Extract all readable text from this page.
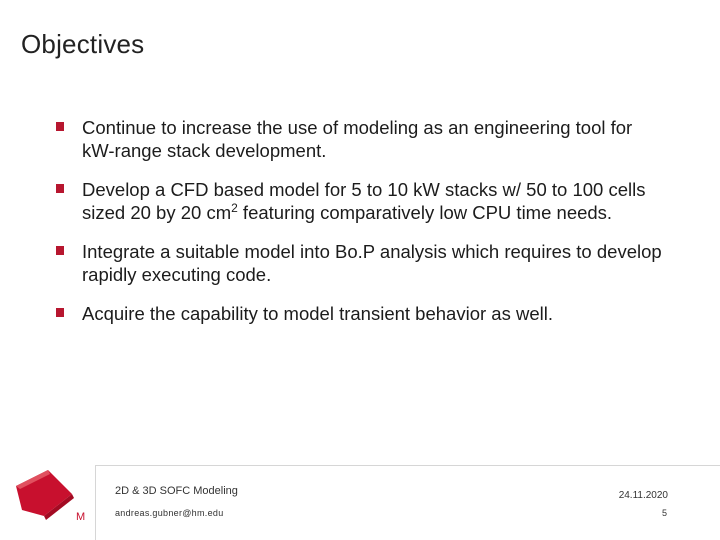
Objectives
Continue to increase the use of modeling as an engineering tool for kW-range stack development.
Develop a CFD based model for 5 to 10 kW stacks w/ 50 to 100 cells sized 20 by 20 $cm^2$ featuring comparatively low CPU time needs.
Integrate a suitable model into Bo.P analysis which requires to develop rapidly executing code.
Acquire the capability to model transient behavior as well.
M
2D & 3D SOFC Modeling
andreas.gubner@hm.edu
24.11.2020
5
